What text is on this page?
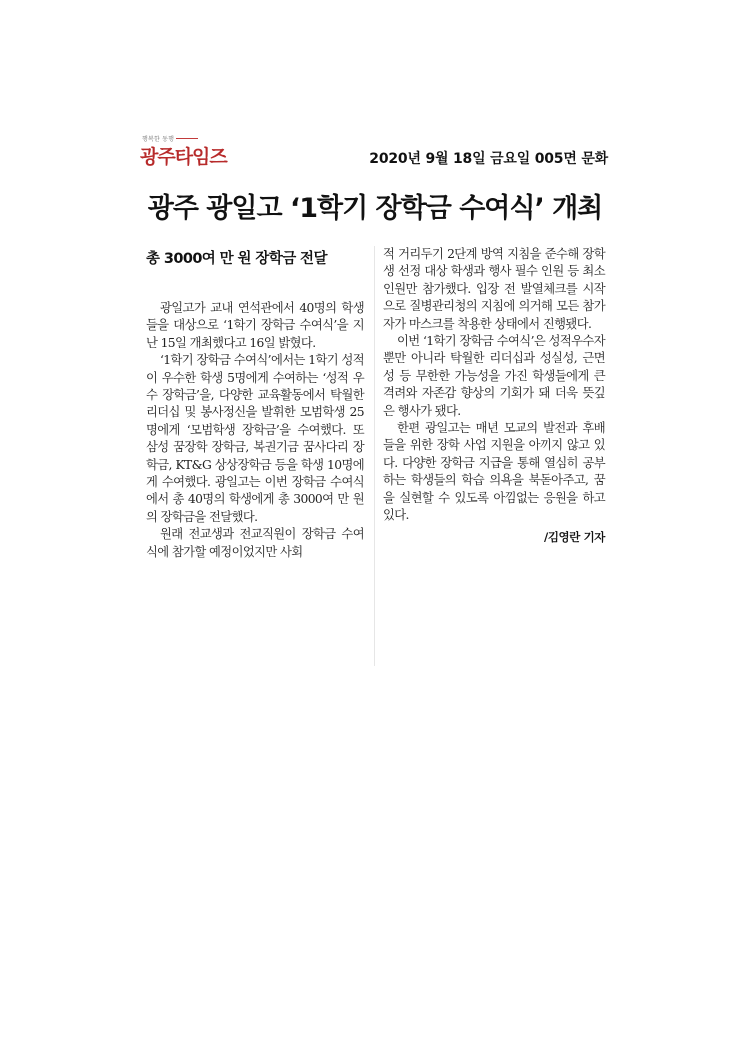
행복한 동행
광주타임즈	2020년 9월 18일 금요일 005면 문화
광주 광일고 ‘1학기 장학금 수여식’ 개최
총 3000여 만 원 장학금 전달

광일고가 교내 연석관에서 40명의 학생들을 대상으로 ‘1학기 장학금 수여식’을 지난 15일 개최했다고 16일 밝혔다.

‘1학기 장학금 수여식’에서는 1학기 성적이 우수한 학생 5명에게 수여하는 ‘성적 우수 장학금’을, 다양한 교육활동에서 탁월한 리더십 및 봉사정신을 발휘한 모범학생 25명에게 ‘모범학생 장학금’을 수여했다. 또 삼성 꿈장학 장학금, 복권기금 꿈사다리 장학금, KT&G 상상장학금 등을 학생 10명에게 수여했다. 광일고는 이번 장학금 수여식에서 총 40명의 학생에게 총 3000여 만 원의 장학금을 전달했다.

원래 전교생과 전교직원이 장학금 수여식에 참가할 예정이었지만 사회

적 거리두기 2단계 방역 지침을 준수해 장학생 선정 대상 학생과 행사 필수 인원 등 최소 인원만 참가했다. 입장 전 발열체크를 시작으로 질병관리청의 지침에 의거해 모든 참가자가 마스크를 착용한 상태에서 진행됐다.

이번 ‘1학기 장학금 수여식’은 성적우수자뿐만 아니라 탁월한 리더십과 성실성, 근면성 등 무한한 가능성을 가진 학생들에게 큰 격려와 자존감 향상의 기회가 돼 더욱 뜻깊은 행사가 됐다.

한편 광일고는 매년 모교의 발전과 후배들을 위한 장학 사업 지원을 아끼지 않고 있다. 다양한 장학금 지급을 통해 열심히 공부하는 학생들의 학습 의욕을 북돋아주고, 꿈을 실현할 수 있도록 아낌없는 응원을 하고 있다.

/김영란 기자
